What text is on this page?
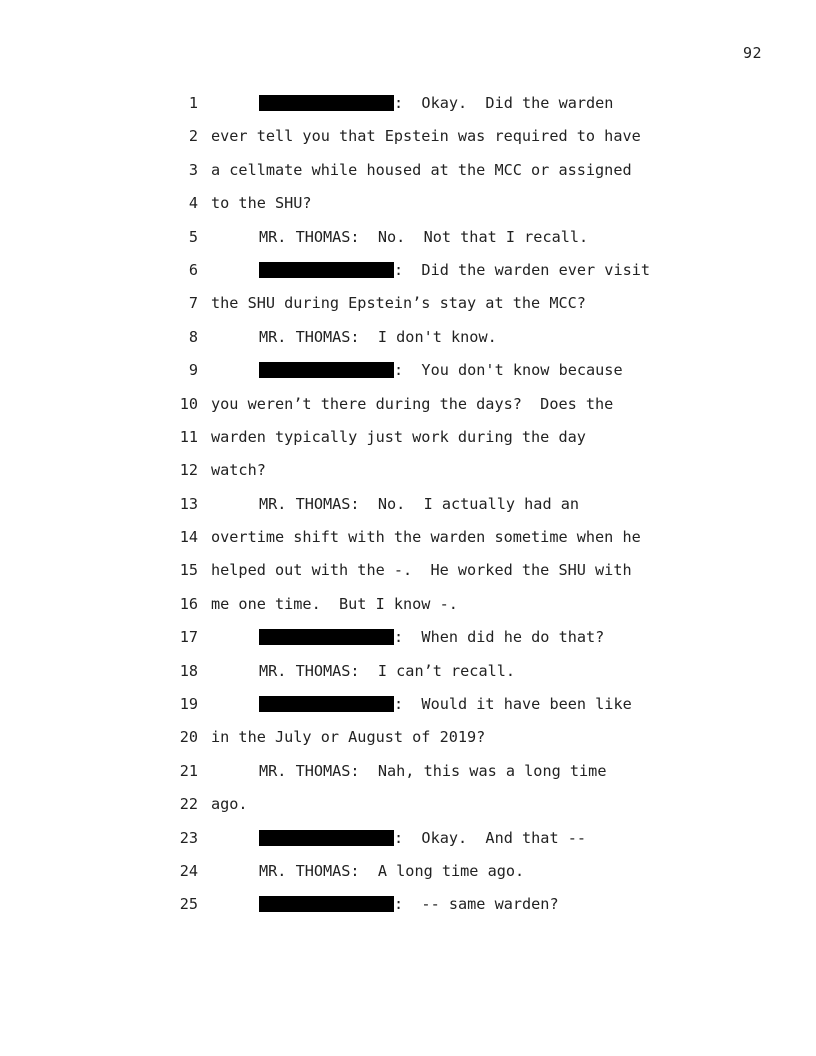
92
1	:  Okay.  Did the warden
2 ever tell you that Epstein was required to have
3 a cellmate while housed at the MCC or assigned
4 to the SHU?
5	MR. THOMAS:  No.  Not that I recall.
6	:  Did the warden ever visit
7 the SHU during Epstein’s stay at the MCC?
8	MR. THOMAS:  I don't know.
9	:  You don't know because
10 you weren’t there during the days?  Does the
11 warden typically just work during the day
12 watch?
13	MR. THOMAS:  No.  I actually had an
14 overtime shift with the warden sometime when he
15 helped out with the -.  He worked the SHU with
16 me one time.  But I know -.
17	:  When did he do that?
18	MR. THOMAS:  I can’t recall.
19	:  Would it have been like
20 in the July or August of 2019?
21	MR. THOMAS:  Nah, this was a long time
22 ago.
23	:  Okay.  And that --
24	MR. THOMAS:  A long time ago.
25	:  -- same warden?
